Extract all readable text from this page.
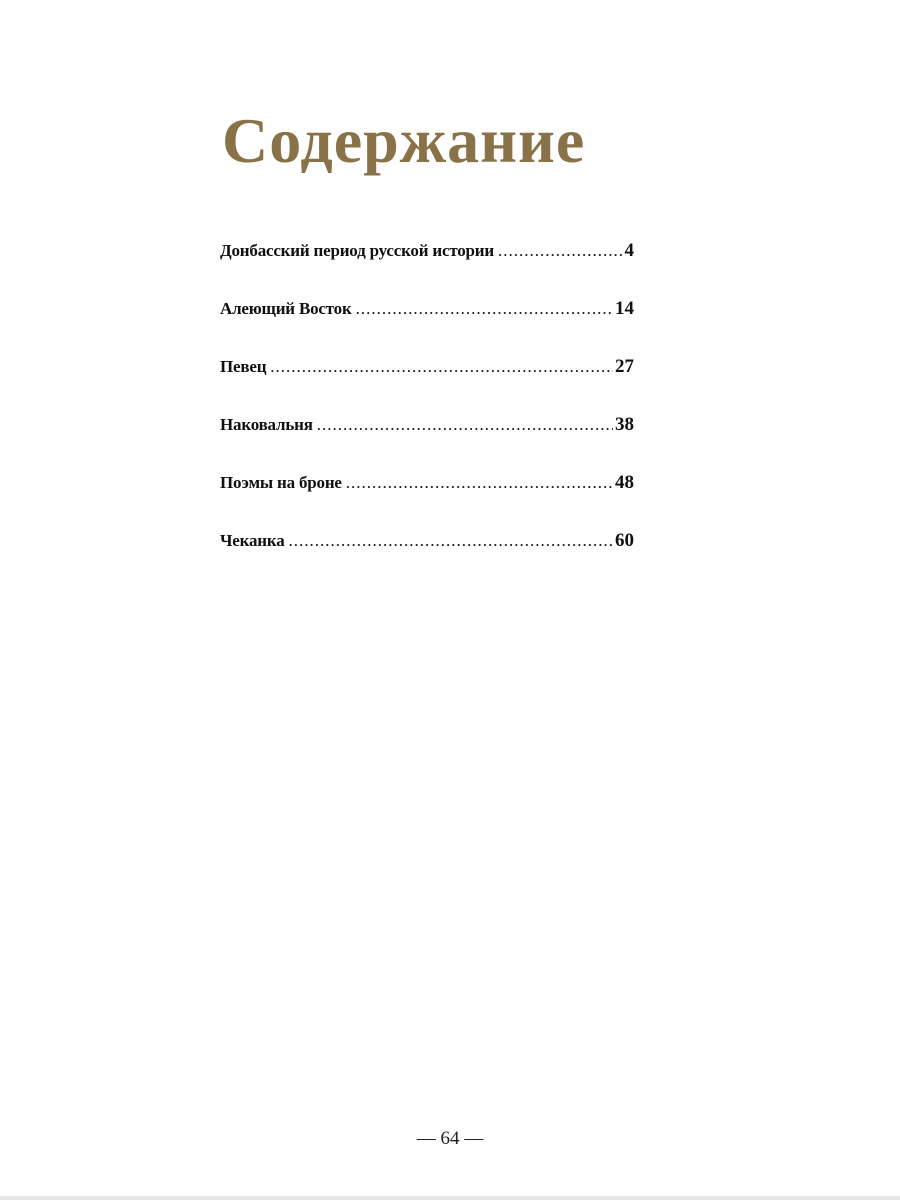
Содержание
Донбасский период русской истории .....	4
Алеющий Восток .....	14
Певец .....	27
Наковальня .....	38
Поэмы на броне .....	48
Чеканка .....	60
— 64 —
